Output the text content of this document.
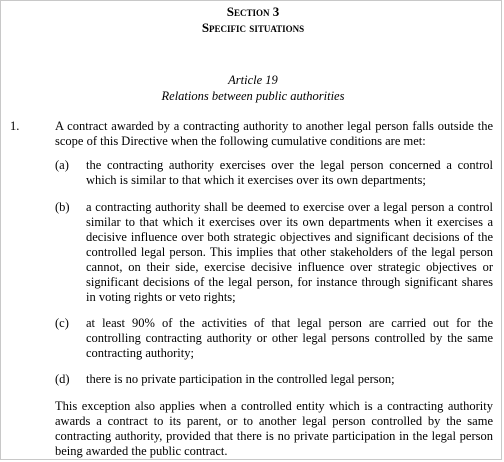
Section 3
Specific situations
Article 19
Relations between public authorities
1.	A contract awarded by a contracting authority to another legal person falls outside the scope of this Directive when the following cumulative conditions are met:
(a) the contracting authority exercises over the legal person concerned a control which is similar to that which it exercises over its own departments;
(b) a contracting authority shall be deemed to exercise over a legal person a control similar to that which it exercises over its own departments when it exercises a decisive influence over both strategic objectives and significant decisions of the controlled legal person. This implies that other stakeholders of the legal person cannot, on their side, exercise decisive influence over strategic objectives or significant decisions of the legal person, for instance through significant shares in voting rights or veto rights;
(c) at least 90% of the activities of that legal person are carried out for the controlling contracting authority or other legal persons controlled by the same contracting authority;
(d) there is no private participation in the controlled legal person;
This exception also applies when a controlled entity which is a contracting authority awards a contract to its parent, or to another legal person controlled by the same contracting authority, provided that there is no private participation in the legal person being awarded the public contract.
